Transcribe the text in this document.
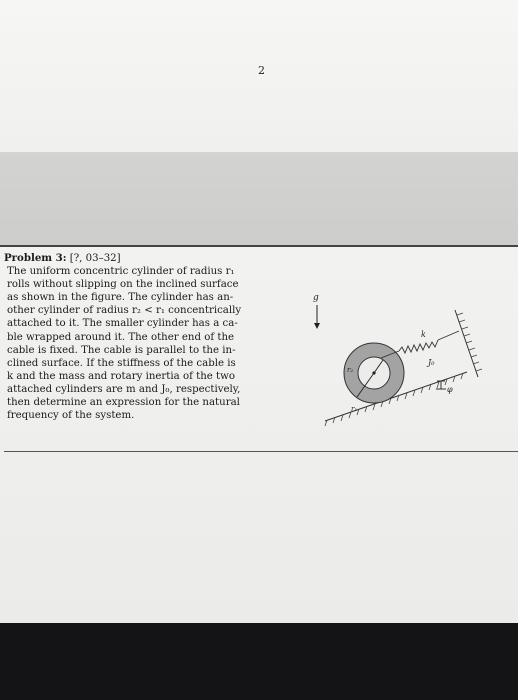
2
Problem 3: [?, 03–32]
The uniform concentric cylinder of radius r₁
rolls without slipping on the inclined surface
as shown in the figure. The cylinder has an-
other cylinder of radius r₂ < r₁ concentrically
attached to it. The smaller cylinder has a ca-
ble wrapped around it. The other end of the
cable is fixed. The cable is parallel to the in-
clined surface. If the stiffness of the cable is
k and the mass and rotary inertia of the two
attached cylinders are m and J₀, respectively,
then determine an expression for the natural
frequency of the system.
g
φ
r₂
r₁
k
J₀
